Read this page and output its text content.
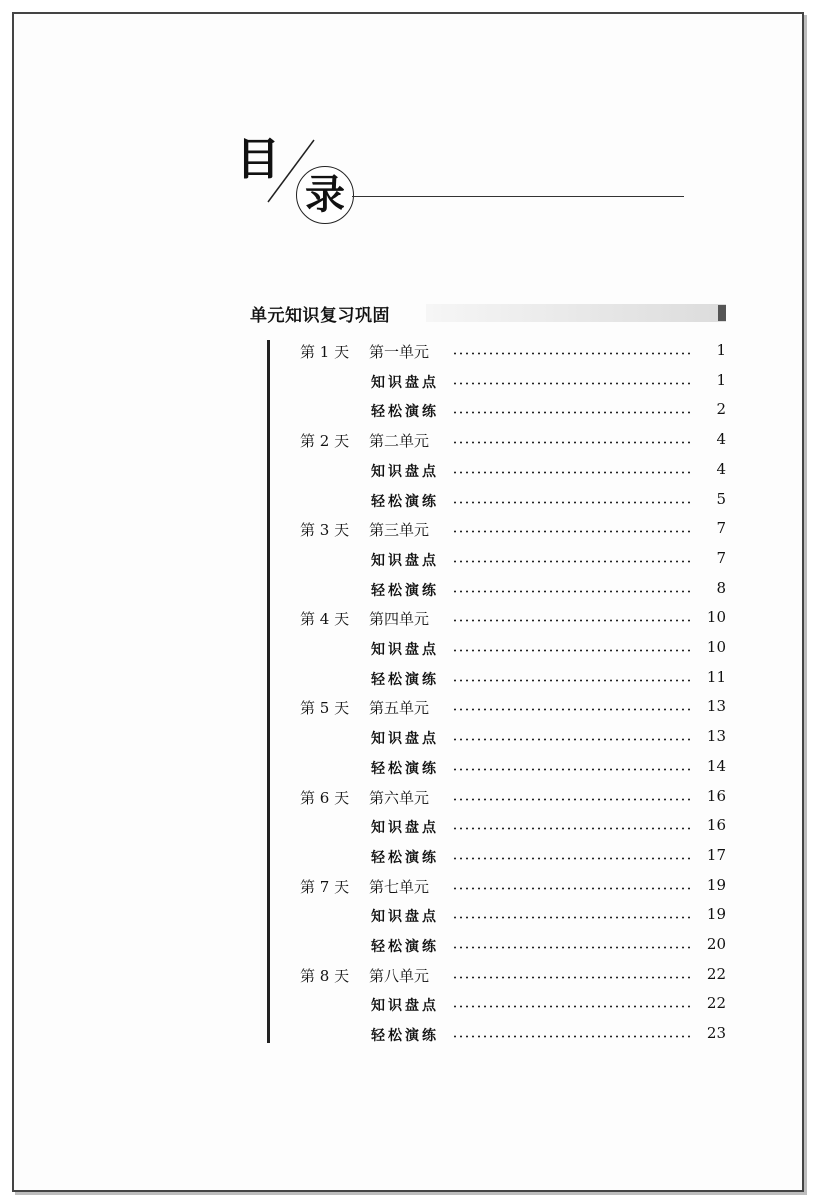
目
录
单元知识复习巩固
第 1 天 第一单元	1
知识盘点	1
轻松演练	2
第 2 天 第二单元	4
知识盘点	4
轻松演练	5
第 3 天 第三单元	7
知识盘点	7
轻松演练	8
第 4 天 第四单元	10
知识盘点	10
轻松演练	11
第 5 天 第五单元	13
知识盘点	13
轻松演练	14
第 6 天 第六单元	16
知识盘点	16
轻松演练	17
第 7 天 第七单元	19
知识盘点	19
轻松演练	20
第 8 天 第八单元	22
知识盘点	22
轻松演练	23
